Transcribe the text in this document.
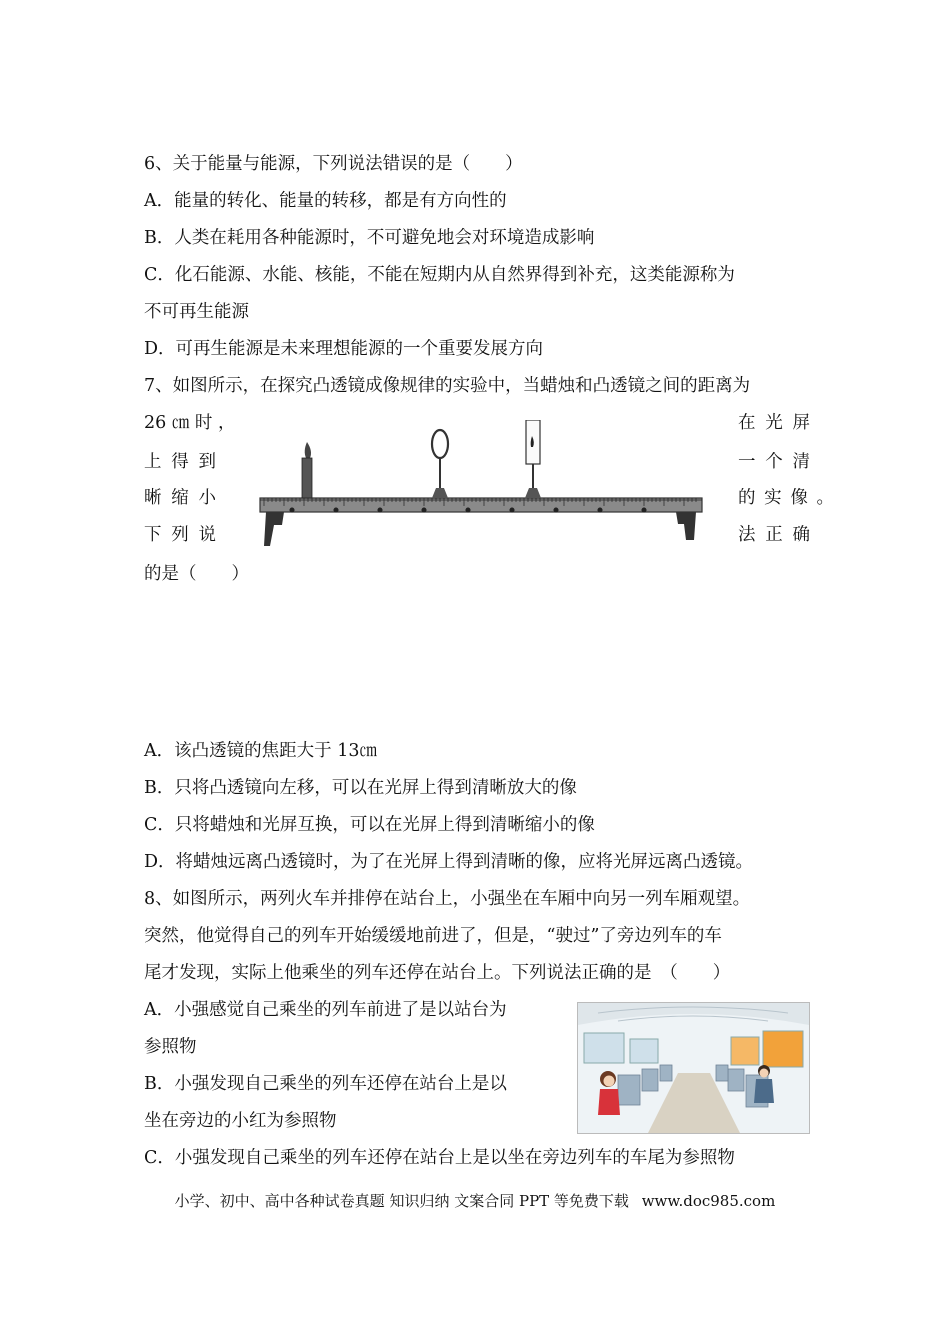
6、关于能量与能源，下列说法错误的是（　　）
A．能量的转化、能量的转移，都是有方向性的
B．人类在耗用各种能源时，不可避免地会对环境造成影响
C．化石能源、水能、核能，不能在短期内从自然界得到补充，这类能源称为
不可再生能源
D．可再生能源是未来理想能源的一个重要发展方向
7、如图所示，在探究凸透镜成像规律的实验中，当蜡烛和凸透镜之间的距离为
26 ㎝ 时 ，
上 得 到
晰 缩 小
下 列 说
在 光 屏
一 个 清
的 实 像 。
法 正 确
的是（　　）
A．该凸透镜的焦距大于 13㎝
B．只将凸透镜向左移，可以在光屏上得到清晰放大的像
C．只将蜡烛和光屏互换，可以在光屏上得到清晰缩小的像
D．将蜡烛远离凸透镜时，为了在光屏上得到清晰的像，应将光屏远离凸透镜。
8、如图所示，两列火车并排停在站台上，小强坐在车厢中向另一列车厢观望。
突然，他觉得自己的列车开始缓缓地前进了，但是，“驶过”了旁边列车的车
尾才发现，实际上他乘坐的列车还停在站台上。下列说法正确的是　（　　）
A．小强感觉自己乘坐的列车前进了是以站台为
参照物
B．小强发现自己乘坐的列车还停在站台上是以
坐在旁边的小红为参照物
C．小强发现自己乘坐的列车还停在站台上是以坐在旁边列车的车尾为参照物
小学、初中、高中各种试卷真题 知识归纳 文案合同 PPT 等免费下载 www.doc985.com
